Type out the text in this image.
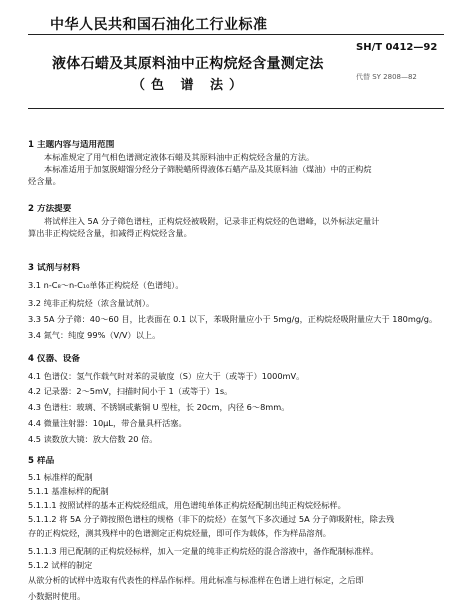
中华人民共和国石油化工行业标准
液体石蜡及其原料油中正构烷烃含量测定法
（色 谱 法）
SH/T 0412—92
代替 SY 2808—82
1 主题内容与适用范围
本标准规定了用气相色谱测定液体石蜡及其原料油中正构烷烃含量的方法。
本标准适用于加氢脱蜡馏分经分子筛脱蜡所得液体石蜡产品及其原料油（煤油）中的正构烷
烃含量。
2 方法提要
将试样注入 5A 分子筛色谱柱，正构烷烃被吸附，记录非正构烷烃的色谱峰，以外标法定量计
算出非正构烷烃含量，扣减得正构烷烃含量。
3 试剂与材料
3.1 n-C₈～n-C₁₀单体正构烷烃（色谱纯）。
3.2 纯非正构烷烃（浓含量试剂）。
3.3 5A 分子筛：40～60 目，比表面在 0.1 以下，苯吸附量应小于 5mg/g，正构烷烃吸附量应大于 180mg/g。
3.4 氮气：纯度 99%（V/V）以上。
4 仪器、设备
4.1 色谱仪：氢气作载气时对苯的灵敏度（S）应大于（或等于）1000mV。
4.2 记录器：2～5mV，扫描时间小于 1（或等于）1s。
4.3 色谱柱：玻璃、不锈钢或紫铜 U 型柱，长 20cm，内径 6～8mm。
4.4 微量注射器：10μL，带合量具杆活塞。
4.5 读数放大镜：放大倍数 20 倍。
5 样品
5.1 标准样的配制
5.1.1 基准标样的配制
5.1.1.1 按照试样的基本正构烷烃组成，用色谱纯单体正构烷烃配制出纯正构烷烃标样。
5.1.1.2 将 5A 分子筛按照色谱柱的规格（非下的烷烃）在氢气下多次通过 5A 分子筛吸附柱，除去残
存的正构烷烃，测其残样中的色谱测定正构烷烃量，即可作为载体，作为样品溶剂。
5.1.1.3 用已配制的正构烷烃标样，加入一定量的纯非正构烷烃的混合溶液中，备作配制标准样。
5.1.2 试样的制定
从欲分析的试样中选取有代表性的样品作标样。用此标准与标准样在色谱上进行标定，之后即
小数据时使用。
